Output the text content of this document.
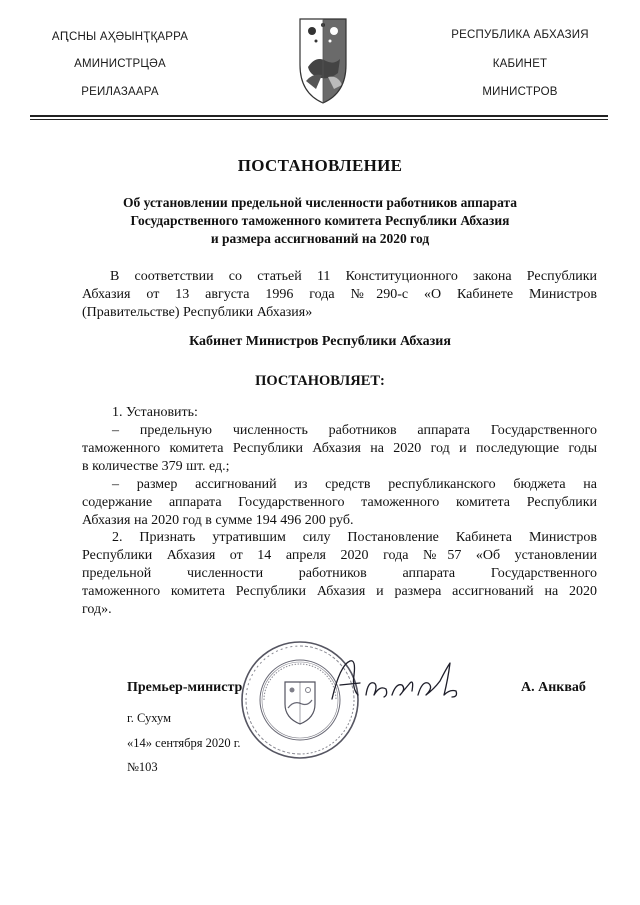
АԤСНЫ АҲӘЫНҬҚАРРА
АМИНИСТРЦӘА
РЕИЛАЗААРА
РЕСПУБЛИКА АБХАЗИЯ
КАБИНЕТ
МИНИСТРОВ
ПОСТАНОВЛЕНИЕ
Об установлении предельной численности работников аппарата
Государственного таможенного комитета Республики Абхазия
и размера ассигнований на 2020 год
В соответствии со статьей 11 Конституционного закона Республики
Абхазия от 13 августа 1996 года №290-с «О Кабинете Министров
(Правительстве) Республики Абхазия»
Кабинет Министров Республики Абхазия
ПОСТАНОВЛЯЕТ:
1. Установить:
– предельную численность работников аппарата Государственного
таможенного комитета Республики Абхазия на 2020 год и последующие годы
в количестве 379 шт. ед.;
– размер ассигнований из средств республиканского бюджета на
содержание аппарата Государственного таможенного комитета Республики
Абхазия на 2020 год в сумме 194 496 200 руб.
2. Признать утратившим силу Постановление Кабинета Министров
Республики Абхазия от 14 апреля 2020 года №57 «Об установлении
предельной численности работников аппарата Государственного
таможенного комитета Республики Абхазия и размера ассигнований на 2020
год».
Премьер-министр	А. Анкваб
г. Сухум
«14» сентября 2020 г.
№103
